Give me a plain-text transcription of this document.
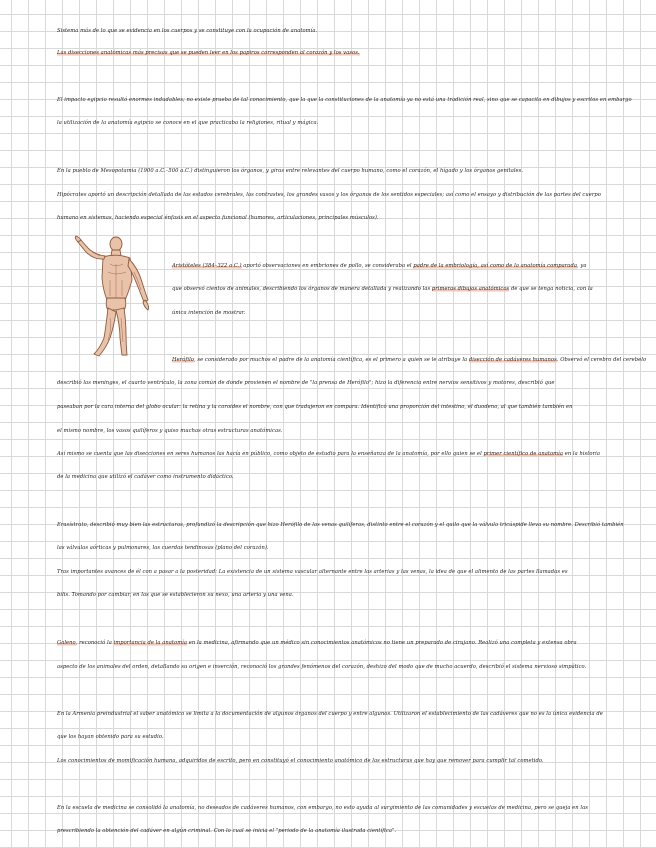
Sistema más de lo que se evidencia en los cuerpos y se constituye con la ocupación de anatomía.
Las disecciones anatómicas más precisas que se pueden leer en los papiros corresponden al corazón y los vasos.
El impacto egipcio resultó enormes indudables; no existe prueba de tal conocimiento, que la que la constituciones de la anatomía ya no está una tradición real, sino que se capacita en dibujos y escritos en embargo
la utilización de la anatomía egipcio se conoce en el que practicaba la religiones, ritual y mágica.
En la pueblo de Mesopotamia (1900 a.C.–500 a.C.) distinguieron los órganos, y giras entre relevantes del cuerpo humano, como el corazón, el hígado y los órganos genitales.
Hipócrates aportó un descripción detallada de las estados cerebrales, las contrastes, los grandes vasos y los órganos de los sentidos especiales; así como el ensayo y distribución de las partes del cuerpo
humano en sistemas, haciendo especial énfasis en el aspecto funcional (humores, articulaciones, principales músculos).
Aristóteles (384–322 a.C.) aportó observaciones en embriones de pollo, se consideraba el padre de la embriología, así como de la anatomía comparada, ya
que observó cientos de animales, describiendo los órganos de manera detallada y realizando las primeras dibujos anatómicos de que se tenga noticia, con la
única intención de mostrar.
Herófilo, se considerado por muchos el padre de la anatomía científica, es el primero a quien se le atribuye la disección de cadáveres humanos. Observó el cerebro del cerebelo
describió las meninges, el cuarto ventrículo, la zona común de donde provienen el nombre de "la prensa de Herófilo"; hizo la diferencia entre nervios sensitivos y motores, describió que
paseaban por la cara interna del globo ocular: la retina y la coroides el nombre, con que tradujeron en compara. Identificó una proporción del intestino, el duodeno, al que también también en
el mismo nombre, los vasos quilíferos y quiso muchas otras estructuras anatómicas.
Así mismo se cuenta que las disecciones en seres humanos las hacía en público, como objeto de estudio para la enseñanza de la anatomía, por ello quien se el primer científico de anatomía en la historia
de la medicina que utilizó el cadáver como instrumento didáctico.
Erasístrato, describió muy bien las estructuras, profundizó la descripción que hizo Herófilo de las venas quilíferas, distinto entre el corazón y el quilo que la válvula tricúspide lleva su nombre. Describió también
las válvulas aórticas y pulmonares, las cuerdas tendinosas (plano del corazón).
Tras importantes avances de él con a pasar a la posteridad: La existencia de un sistema vascular alternante entre las arterias y las venas, la idea de que el alimento de las partes llamadas es
bilis. Tomando por cambiar, en las que se establecieron su nexo, una arteria y una vena.
Galeno, reconoció la importancia de la anatomía en la medicina, afirmando que un médico sin conocimientos anatómicos no tiene un preparado de cirujano. Realizó una completa y extensa obra
aspecto de los animales del orden, detallando su origen e inserción, reconoció los grandes fenómenos del corazón, deshizo del modo que de mucho acuerdo, describió el sistema nervioso simpático.
En la Armenia preindustrial el saber anatómico se limita a la documentación de algunos órganos del cuerpo y entre algunos. Utilizaron el establecimiento de las cadáveres que no es la única evidencia de
que los hayan obtenido para su estudio.
Los conocimientos de momificación humana, adquiridos de escrito, pero en constituyó el conocimiento anatómico de las estructuras que hay que remover para cumplir tal cometido.
En la escuela de medicina se consolidó la anatomía, no deseados de cadáveres humanos, con embargo, no esto ayuda al surgimiento de las comunidades y escuelas de medicina, pero se queja en las
prescribiendo la obtención del cadáver en algún criminal. Con lo cual se inicia el "periodo de la anatomía ilustrada científica".
